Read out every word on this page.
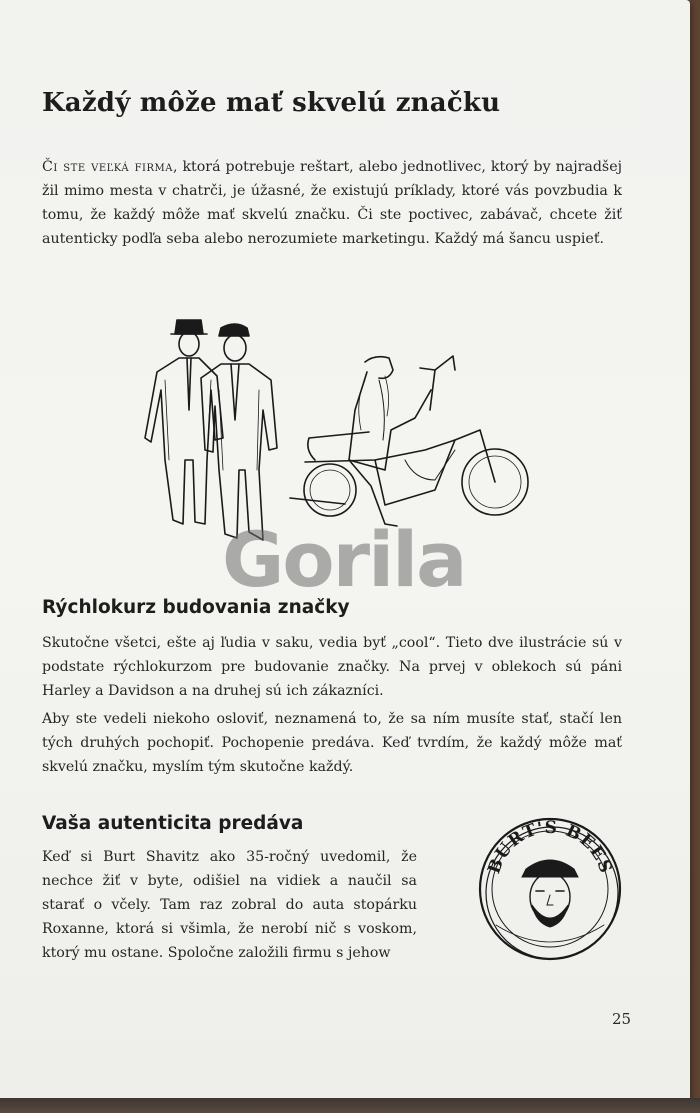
Každý môže mať skvelú značku

Či ste veľká firma, ktorá potrebuje reštart, alebo jednotlivec, ktorý by najradšej žil mimo mesta v chatrči, je úžasné, že existujú príklady, ktoré vás povzbudia k tomu, že každý môže mať skvelú značku. Či ste poctivec, zabávač, chcete žiť autenticky podľa seba alebo nerozumiete marketingu. Každý má šancu uspieť.

Gorila
Rýchlokurz budovania značky

Skutočne všetci, ešte aj ľudia v saku, vedia byť „cool“. Tieto dve ilustrácie sú v podstate rýchlokurzom pre budovanie značky. Na prvej v oblekoch sú páni Harley a Davidson a na druhej sú ich zákazníci.

Aby ste vedeli niekoho osloviť, neznamená to, že sa ním musíte stať, stačí len tých druhých pochopiť. Pochopenie predáva. Keď tvrdím, že každý môže mať skvelú značku, myslím tým skutočne každý.

Vaša autenticita predáva

Keď si Burt Shavitz ako 35-ročný uvedomil, že nechce žiť v byte, odišiel na vidiek a naučil sa starať o včely. Tam raz zobral do auta stopárku Roxanne, ktorá si všimla, že nerobí nič s voskom, ktorý mu ostane. Spoločne založili firmu s jehow

BURT'S BEES
25
